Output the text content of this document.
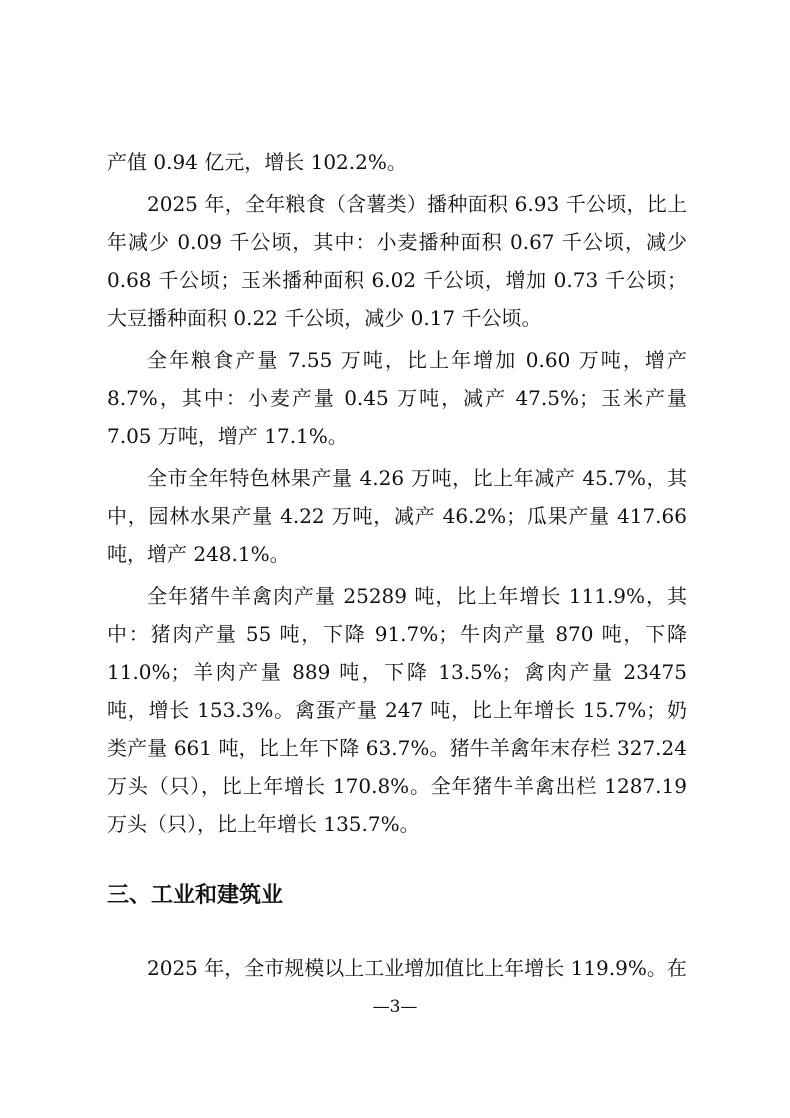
产值 0.94 亿元，增长 102.2%。

2025 年，全年粮食（含薯类）播种面积 6.93 千公顷，比上年减少 0.09 千公顷，其中：小麦播种面积 0.67 千公顷，减少 0.68 千公顷；玉米播种面积 6.02 千公顷，增加 0.73 千公顷；大豆播种面积 0.22 千公顷，减少 0.17 千公顷。

全年粮食产量 7.55 万吨，比上年增加 0.60 万吨，增产 8.7%，其中：小麦产量 0.45 万吨，减产 47.5%；玉米产量 7.05 万吨，增产 17.1%。

全市全年特色林果产量 4.26 万吨，比上年减产 45.7%，其中，园林水果产量 4.22 万吨，减产 46.2%；瓜果产量 417.66 吨，增产 248.1%。

全年猪牛羊禽肉产量 25289 吨，比上年增长 111.9%，其中：猪肉产量 55 吨，下降 91.7%；牛肉产量 870 吨，下降 11.0%；羊肉产量 889 吨，下降 13.5%；禽肉产量 23475 吨，增长 153.3%。禽蛋产量 247 吨，比上年增长 15.7%；奶类产量 661 吨，比上年下降 63.7%。猪牛羊禽年末存栏 327.24 万头（只），比上年增长 170.8%。全年猪牛羊禽出栏 1287.19 万头（只），比上年增长 135.7%。

三、工业和建筑业

2025 年，全市规模以上工业增加值比上年增长 119.9%。在

—3—
